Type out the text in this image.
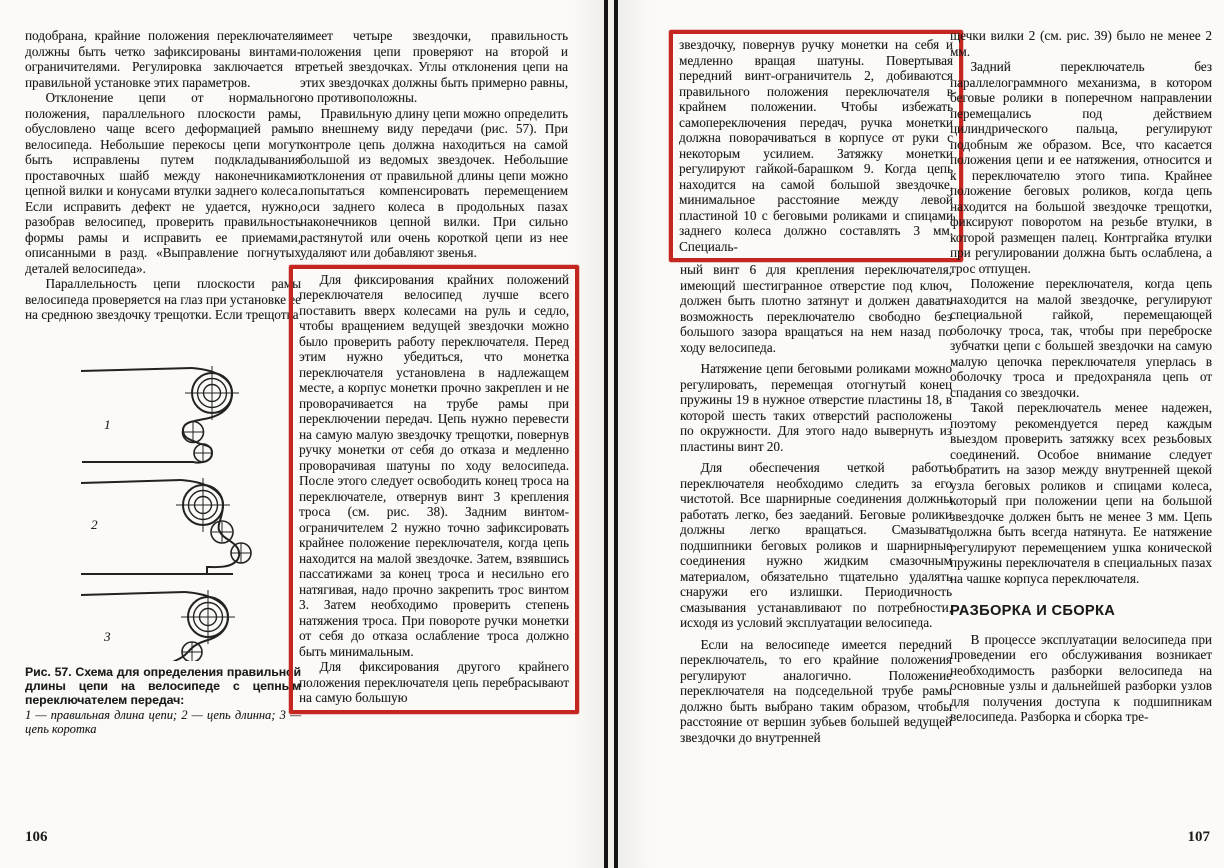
подобрана, крайние положения переключателя должны быть четко зафиксированы винтами-ограничителями. Регулировка заключается в правильной установке этих параметров.

Отклонение цепи от нормального положения, параллельного плоскости рамы, обусловлено чаще всего деформацией рамы велосипеда. Небольшие перекосы цепи могут быть исправлены путем подкладывания проставочных шайб между наконечниками цепной вилки и конусами втулки заднего колеса. Если исправить дефект не удается, нужно, разобрав велосипед, проверить правильность формы рамы и исправить ее приемами, описанными в разд. «Выправление погнутых деталей велосипеда».

Параллельность цепи плоскости рамы велосипеда проверяется на глаз при установке ее на среднюю звездочку трещотки. Если трещотка

1
2
3

Рис. 57. Схема для определения правильной длины цепи на велосипеде с цепным переключателем передач:

1 — правильная длина цепи; 2 — цепь длинна; 3 — цепь коротка

имеет четыре звездочки, правильность положения цепи проверяют на второй и третьей звездочках. Углы отклонения цепи на этих звездочках должны быть примерно равны, но противоположны.

Правильную длину цепи можно определить по внешнему виду передачи (рис. 57). При контроле цепь должна находиться на самой большой из ведомых звездочек. Небольшие отклонения от правильной длины цепи можно попытаться компенсировать перемещением оси заднего колеса в продольных пазах наконечников цепной вилки. При сильно растянутой или очень короткой цепи из нее удаляют или добавляют звенья.

Для фиксирования крайних положений переключателя велосипед лучше всего поставить вверх колесами на руль и седло, чтобы вращением ведущей звездочки можно было проверить работу переключателя. Перед этим нужно убедиться, что монетка переключателя установлена в надлежащем месте, а корпус монетки прочно закреплен и не проворачивается на трубе рамы при переключении передач. Цепь нужно перевести на самую малую звездочку трещотки, повернув ручку монетки от себя до отказа и медленно проворачивая шатуны по ходу велосипеда. После этого следует освободить конец троса на переключателе, отвернув винт 3 крепления троса (см. рис. 38). Задним винтом-ограничителем 2 нужно точно зафиксировать крайнее положение переключателя, когда цепь находится на малой звездочке. Затем, взявшись пассатижами за конец троса и несильно его натягивая, надо прочно закрепить трос винтом 3. Затем необходимо проверить степень натяжения троса. При повороте ручки монетки от себя до отказа ослабление троса должно быть минимальным.

Для фиксирования другого крайнего положения переключателя цепь перебрасывают на самую большую

106

звездочку, повернув ручку монетки на себя и медленно вращая шатуны. Повертывая передний винт-ограничитель 2, добиваются правильного положения переключателя в крайнем положении. Чтобы избежать самопереключения передач, ручка монетки должна поворачиваться в корпусе от руки с некоторым усилием. Затяжку монетки регулируют гайкой-барашком 9. Когда цепь находится на самой большой звездочке, минимальное расстояние между левой пластиной 10 с беговыми роликами и спицами заднего колеса должно составлять 3 мм. Специаль-

ный винт 6 для крепления переключателя, имеющий шестигранное отверстие под ключ, должен быть плотно затянут и должен давать возможность переключателю свободно без большого зазора вращаться на нем назад по ходу велосипеда.

Натяжение цепи беговыми роликами можно регулировать, перемещая отогнутый конец пружины 19 в нужное отверстие пластины 18, в которой шесть таких отверстий расположены по окружности. Для этого надо вывернуть из пластины винт 20.

Для обеспечения четкой работы переключателя необходимо следить за его чистотой. Все шарнирные соединения должны работать легко, без заеданий. Беговые ролики должны легко вращаться. Смазывать подшипники беговых роликов и шарнирные соединения нужно жидким смазочным материалом, обязательно тщательно удалять снаружи его излишки. Периодичность смазывания устанавливают по потребности, исходя из условий эксплуатации велосипеда.

Если на велосипеде имеется передний переключатель, то его крайние положения регулируют аналогично. Положение переключателя на подседельной трубе рамы должно быть выбрано таким образом, чтобы расстояние от вершин зубьев большей ведущей звездочки до внутренней

щечки вилки 2 (см. рис. 39) было не менее 2 мм.

Задний переключатель без параллелограммного механизма, в котором беговые ролики в поперечном направлении перемещались под действием цилиндрического пальца, регулируют подобным же образом. Все, что касается положения цепи и ее натяжения, относится и к переключателю этого типа. Крайнее положение беговых роликов, когда цепь находится на большой звездочке трещотки, фиксируют поворотом на резьбе втулки, в которой размещен палец. Контргайка втулки при регулировании должна быть ослаблена, а трос отпущен.

Положение переключателя, когда цепь находится на малой звездочке, регулируют специальной гайкой, перемещающей оболочку троса, так, чтобы при переброске зубчатки цепи с большей звездочки на самую малую цепочка переключателя уперлась в оболочку троса и предохраняла цепь от спадания со звездочки.

Такой переключатель менее надежен, поэтому рекомендуется перед каждым выездом проверить затяжку всех резьбовых соединений. Особое внимание следует обратить на зазор между внутренней щекой узла беговых роликов и спицами колеса, который при положении цепи на большой звездочке должен быть не менее 3 мм. Цепь должна быть всегда натянута. Ее натяжение регулируют перемещением ушка конической пружины переключателя в специальных пазах на чашке корпуса переключателя.

РАЗБОРКА И СБОРКА

В процессе эксплуатации велосипеда при проведении его обслуживания возникает необходимость разборки велосипеда на основные узлы и дальнейшей разборки узлов для получения доступа к подшипникам велосипеда. Разборка и сборка тре-

107
